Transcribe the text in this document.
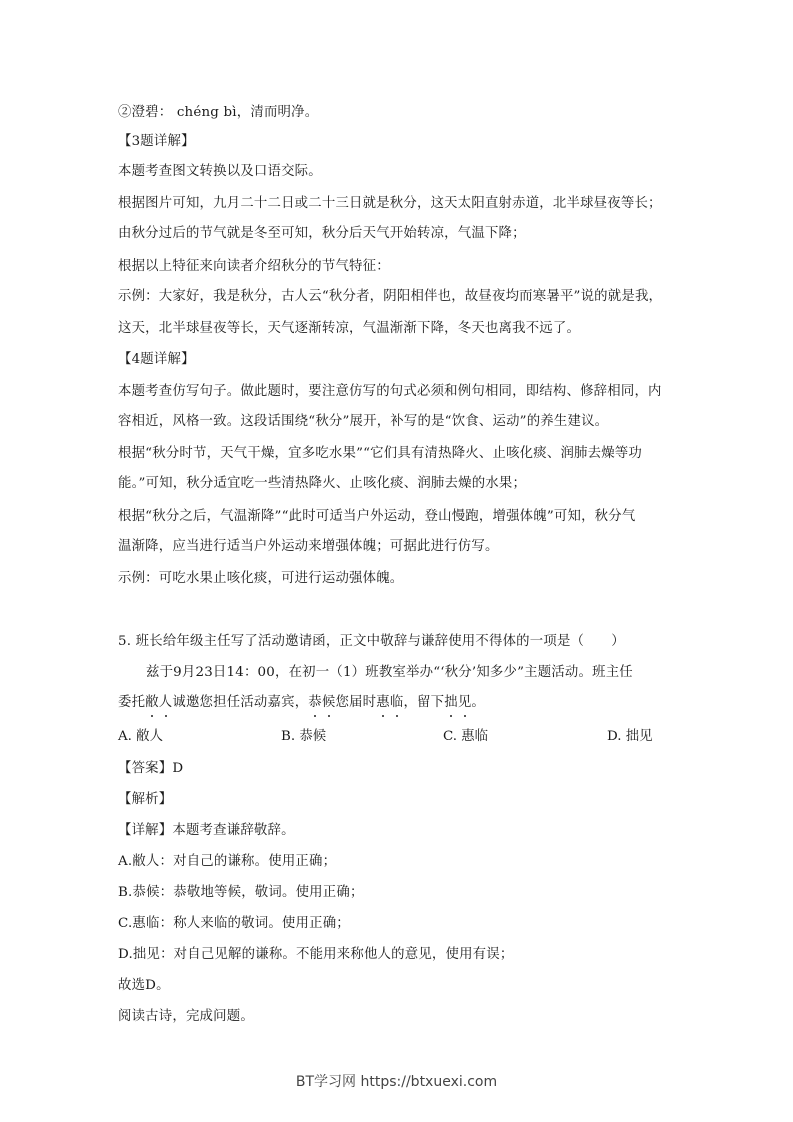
②澄碧： chéng bì，清而明净。
【3题详解】
本题考查图文转换以及口语交际。
根据图片可知，九月二十二日或二十三日就是秋分，这天太阳直射赤道，北半球昼夜等长；
由秋分过后的节气就是冬至可知，秋分后天气开始转凉，气温下降；
根据以上特征来向读者介绍秋分的节气特征：
示例：大家好，我是秋分，古人云“秋分者，阴阳相伴也，故昼夜均而寒暑平”说的就是我，
这天，北半球昼夜等长，天气逐渐转凉，气温渐渐下降，冬天也离我不远了。
【4题详解】
本题考查仿写句子。做此题时，要注意仿写的句式必须和例句相同，即结构、修辞相同，内
容相近，风格一致。这段话围绕“秋分”展开，补写的是“饮食、运动”的养生建议。
根据“秋分时节，天气干燥，宜多吃水果”“它们具有清热降火、止咳化痰、润肺去燥等功
能。”可知，秋分适宜吃一些清热降火、止咳化痰、润肺去燥的水果；
根据“秋分之后，气温渐降”“此时可适当户外运动，登山慢跑，增强体魄”可知，秋分气
温渐降，应当进行适当户外运动来增强体魄；可据此进行仿写。
示例：可吃水果止咳化痰，可进行运动强体魄。
5. 班长给年级主任写了活动邀请函，正文中敬辞与谦辞使用不得体的一项是（　　）
兹于9月23日14：00，在初一（1）班教室举办“‘秋分’知多少”主题活动。班主任
委托敝人诚邀您担任活动嘉宾，恭候您届时惠临，留下拙见。
A. 敝人	B. 恭候	C. 惠临	D. 拙见
【答案】D
【解析】
【详解】本题考查谦辞敬辞。
A.敝人：对自己的谦称。使用正确；
B.恭候：恭敬地等候，敬词。使用正确；
C.惠临：称人来临的敬词。使用正确；
D.拙见：对自己见解的谦称。不能用来称他人的意见，使用有误；
故选D。
阅读古诗，完成问题。
BT学习网 https://btxuexi.com
